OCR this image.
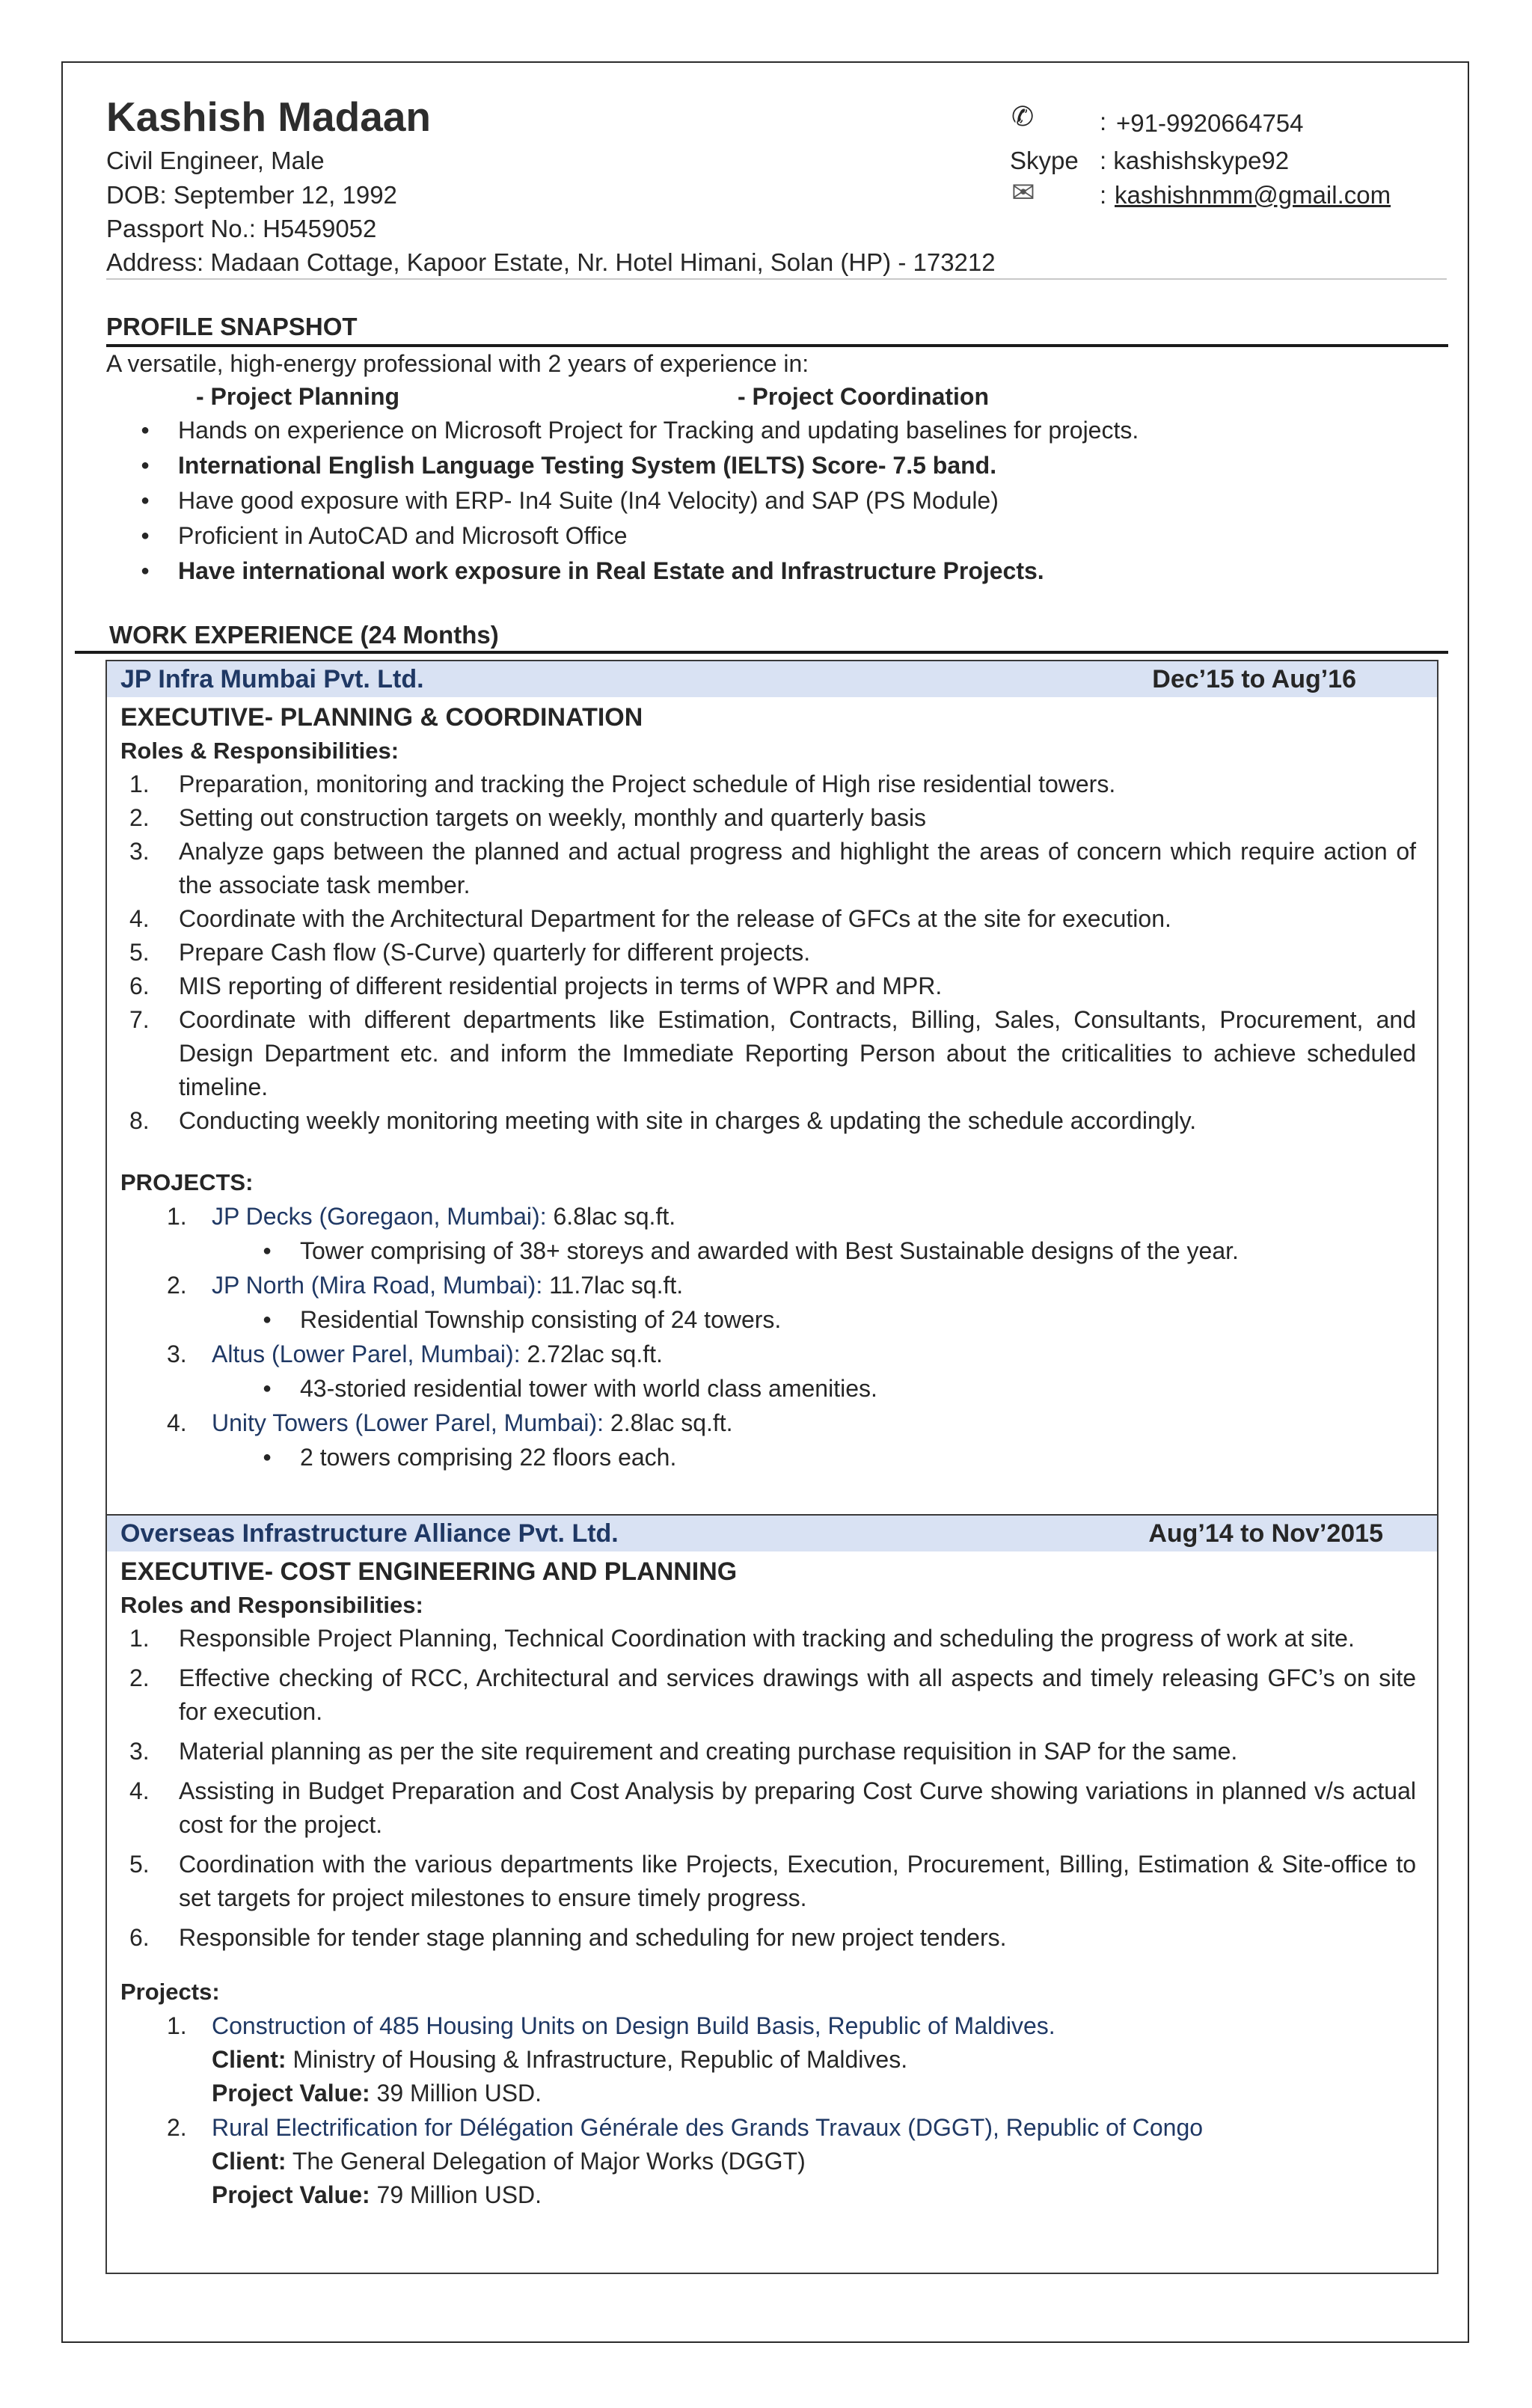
Kashish Madaan
Civil Engineer, Male
DOB: September 12, 1992
Passport No.: H5459052
Address: Madaan Cottage, Kapoor Estate, Nr. Hotel Himani, Solan (HP) - 173212
✆	: +91-9920664754
Skype : kashishskype92
✉	: kashishnmm@gmail.com
PROFILE SNAPSHOT
A versatile, high-energy professional with 2 years of experience in:
- Project Planning	- Project Coordination
● Hands on experience on Microsoft Project for Tracking and updating baselines for projects.
● International English Language Testing System (IELTS) Score- 7.5 band.
● Have good exposure with ERP- In4 Suite (In4 Velocity) and SAP (PS Module)
● Proficient in AutoCAD and Microsoft Office
● Have international work exposure in Real Estate and Infrastructure Projects.
WORK EXPERIENCE (24 Months)
JP Infra Mumbai Pvt. Ltd.	Dec’15 to Aug’16
EXECUTIVE- PLANNING & COORDINATION
Roles & Responsibilities:
Preparation, monitoring and tracking the Project schedule of High rise residential towers.
Setting out construction targets on weekly, monthly and quarterly basis
Analyze gaps between the planned and actual progress and highlight the areas of concern which require action of the associate task member.
Coordinate with the Architectural Department for the release of GFCs at the site for execution.
Prepare Cash flow (S-Curve) quarterly for different projects.
MIS reporting of different residential projects in terms of WPR and MPR.
Coordinate with different departments like Estimation, Contracts, Billing, Sales, Consultants, Procurement, and Design Department etc. and inform the Immediate Reporting Person about the criticalities to achieve scheduled timeline.
Conducting weekly monitoring meeting with site in charges & updating the schedule accordingly.
PROJECTS:
1. JP Decks (Goregaon, Mumbai): 6.8lac sq.ft.
● Tower comprising of 38+ storeys and awarded with Best Sustainable designs of the year.
2. JP North (Mira Road, Mumbai): 11.7lac sq.ft.
● Residential Township consisting of 24 towers.
3. Altus (Lower Parel, Mumbai): 2.72lac sq.ft.
● 43-storied residential tower with world class amenities.
4. Unity Towers (Lower Parel, Mumbai): 2.8lac sq.ft.
● 2 towers comprising 22 floors each.
Overseas Infrastructure Alliance Pvt. Ltd.	Aug’14 to Nov’2015
EXECUTIVE- COST ENGINEERING AND PLANNING
Roles and Responsibilities:
Responsible Project Planning, Technical Coordination with tracking and scheduling the progress of work at site.
Effective checking of RCC, Architectural and services drawings with all aspects and timely releasing GFC’s on site for execution.
Material planning as per the site requirement and creating purchase requisition in SAP for the same.
Assisting in Budget Preparation and Cost Analysis by preparing Cost Curve showing variations in planned v/s actual cost for the project.
Coordination with the various departments like Projects, Execution, Procurement, Billing, Estimation & Site-office to set targets for project milestones to ensure timely progress.
Responsible for tender stage planning and scheduling for new project tenders.
Projects:
1. Construction of 485 Housing Units on Design Build Basis, Republic of Maldives.
Client: Ministry of Housing & Infrastructure, Republic of Maldives.
Project Value: 39 Million USD.
2. Rural Electrification for Délégation Générale des Grands Travaux (DGGT), Republic of Congo
Client: The General Delegation of Major Works (DGGT)
Project Value: 79 Million USD.
